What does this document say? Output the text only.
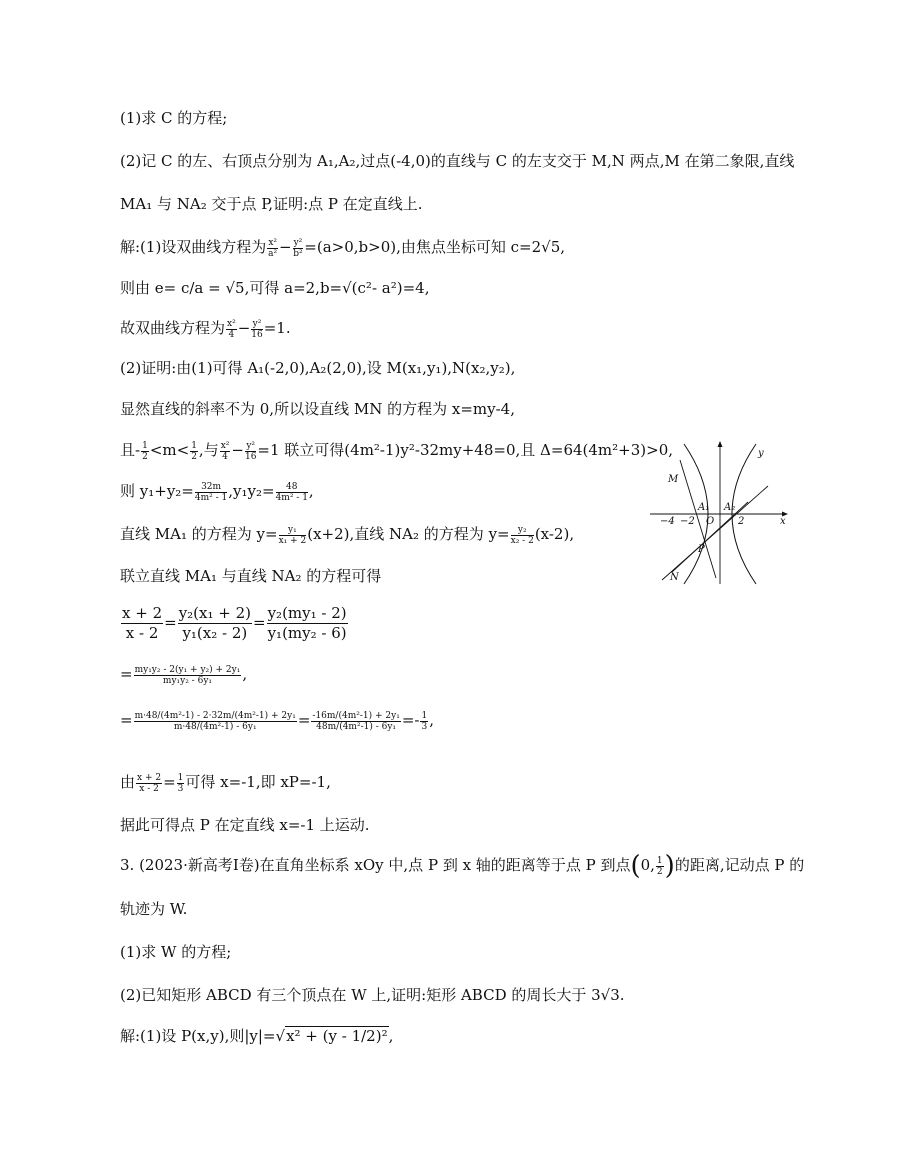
(1)求 C 的方程;
(2)记 C 的左、右顶点分别为 A₁,A₂,过点(-4,0)的直线与 C 的左支交于 M,N 两点,M 在第二象限,直线
MA₁ 与 NA₂ 交于点 P,证明:点 P 在定直线上.
解:(1)设双曲线方程为 $\frac{\text{x²}}{\text{a²}} - \frac{\text{y²}}{\text{b²}} =(a>0,b>0)$,由焦点坐标可知 c=2√5,
则由 e= c/a = √5,可得 a=2,b=√(c²- a²)=4,
故双曲线方程为 $\frac{\text{x²}}{4} - \frac{\text{y²}}{16} =1$.
(2)证明:由(1)可得 A₁(-2,0),A₂(2,0),设 M(x₁,y₁),N(x₂,y₂),
显然直线的斜率不为 0,所以设直线 MN 的方程为 x=my-4,
且- $\frac{1}{2} <m< \frac{1}{2}$ ,与 $\frac{\text{x²}}{4} - \frac{\text{y²}}{16} =1$ 联立可得(4m²-1)y²-32my+48=0,且 Δ=64(4m²+3)>0,
则 $y_1+y_2= \frac{32m}{\text{4m² - 1}} ,y_1y_2= \frac{48}{\text{4m² - 1}}$ ,
直线 MA₁ 的方程为 $y= \frac{\text{y₁}}{\text{x₁ + 2}} (x+2)$,直线 NA₂ 的方程为 $y= \frac{\text{y₂}}{\text{x₂ - 2}} (x-2)$,
联立直线 MA₁ 与直线 NA₂ 的方程可得
$\frac{x + 2}{x - 2} = \frac{\text{y₂(x₁ + 2)}}{\text{y₁(x₂ - 2)}} = \frac{\text{y₂(my₁ - 2)}}{\text{y₁(my₂ - 6)}}$
= $\frac{\text{my₁y₂ - 2(y₁ + y₂) + 2y₁}}{\text{my₁y₂ - 6y₁}}$ ,
= $\frac{\text{m·48/(4m²-1) - 2·32m/(4m²-1) + 2y₁}}{\text{m·48/(4m²-1) - 6y₁}} = \frac{\text{-16m/(4m²-1) + 2y₁}}{\text{48m/(4m²-1) - 6y₁}} =- \frac{1}{3}$ ,
由 $\frac{x + 2}{x - 2} = \frac{1}{3}$ 可得 x=-1,即 xP=-1,
据此可得点 P 在定直线 x=-1 上运动.
3. (2023·新高考Ⅰ卷)在直角坐标系 xOy 中,点 P 到 x 轴的距离等于点 P 到点(0, $\frac{1}{2}$ )的距离,记动点 P 的
轨迹为 W.
(1)求 W 的方程;
(2)已知矩形 ABCD 有三个顶点在 W 上,证明:矩形 ABCD 的周长大于 3√3.
解:(1)设 P(x,y),则|y|=√x² + (y - 1/2)²,
y
x
M
A₁ A₂
O
P
N
−4 −2	2
